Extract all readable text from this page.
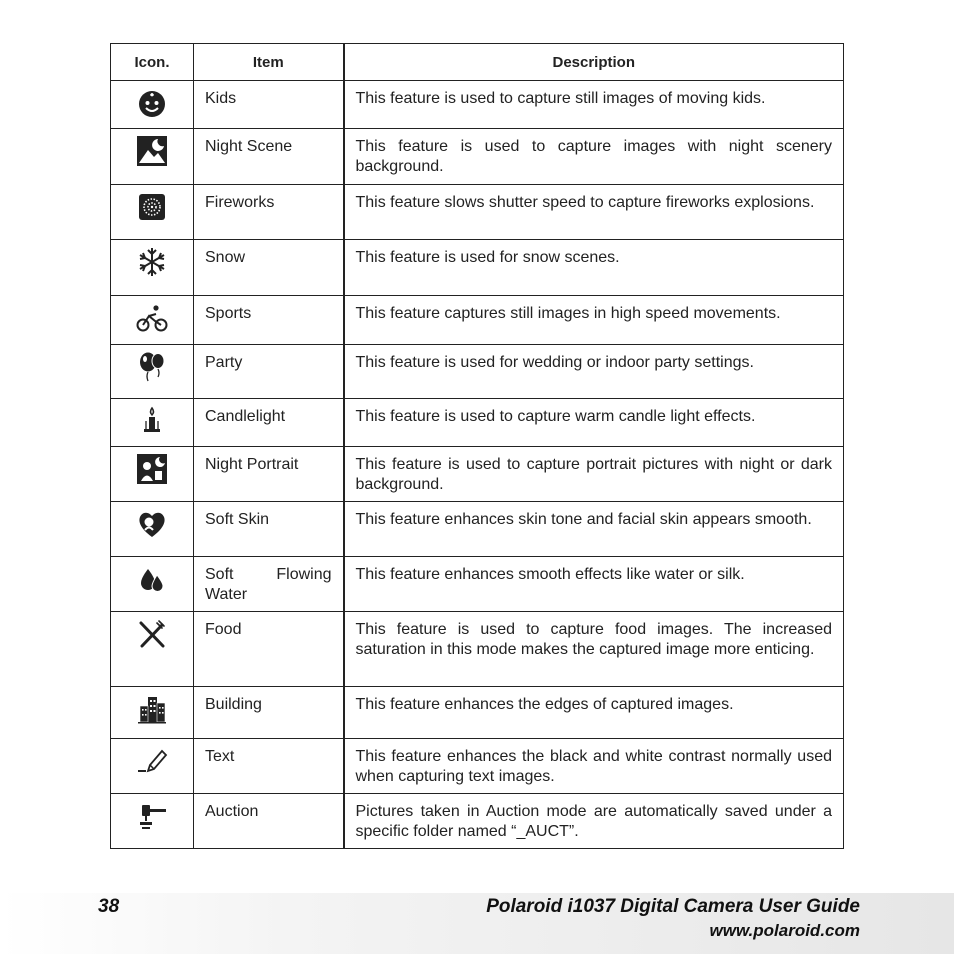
Icon.	Item	Description
	Kids	This feature is used to capture still images of moving kids.
	Night Scene	This feature is used to capture images with night scenery background.
	Fireworks	This feature slows shutter speed to capture fireworks explosions.
	Snow	This feature is used for snow scenes.
	Sports	This feature captures still images in high speed movements.
	Party	This feature is used for wedding or indoor party settings.
	Candlelight	This feature is used to capture warm candle light effects.
	Night Portrait	This feature is used to capture portrait pictures with night or dark background.
	Soft Skin	This feature enhances skin tone and facial skin appears smooth.
	Soft Flowing Water	This feature enhances smooth effects like water or silk.
	Food	This feature is used to capture food images. The increased saturation in this mode makes the captured image more enticing.
	Building	This feature enhances the edges of captured images.
	Text	This feature enhances the black and white contrast normally used when capturing text images.
	Auction	Pictures taken in Auction mode are automatically saved under a specific folder named “_AUCT”.
38	Polaroid i1037 Digital Camera User Guide
www.polaroid.com
